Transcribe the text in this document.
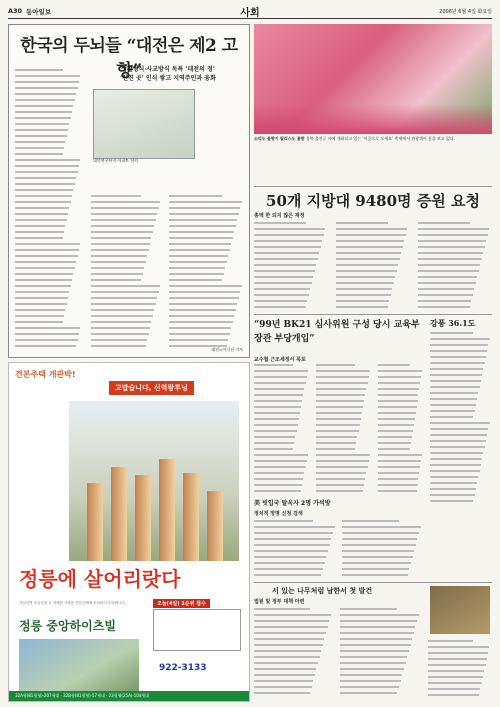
A30 동아일보	사회	2006년 6월 4일 화요일
한국의 두뇌들 “대전은 제2 고향”
생활형식·사교방식 독특 ‘대전의 정’
‘선진 곳’ 인식 쌓고 지역주민과 융화
대덕연구단지 아파트 단지
대전=이기진 기자
소리도 꽃향기 릴리스도 꽃향 경북 울진군 사에 개최되고 있는 ‘이곳으로 오세요’ 축제에서 관광객이 꽃을 보고 있다.
50개 지방대 9480명 증원 요청
총액 한 되지 않은 재정
“99년 BK21 심사위원 구성 당시 교육부장관 부당개입”
강풍 36.1도
교수협 근조세정서 폭로
美 빗입국 탈옥자 2명 가석방
정치적 망명 신청 검색
서 있는 나무처럼 남한서 첫 발건
법원 및 정부 대책 마련
견본주택 개관박!
고맙습니다, 신역왕투닝
정릉에 살어리랏다
오늘(4일) 1순위 접수
가입자격·공급일정 등 자세한 사항은 견본주택에 문의하시기 바랍니다.
정릉 중앙하이츠빌
922-3133
32A형(81평형)·207세대 · 32B형(81평형)·57세대 · 23평형(25A)·104세대
